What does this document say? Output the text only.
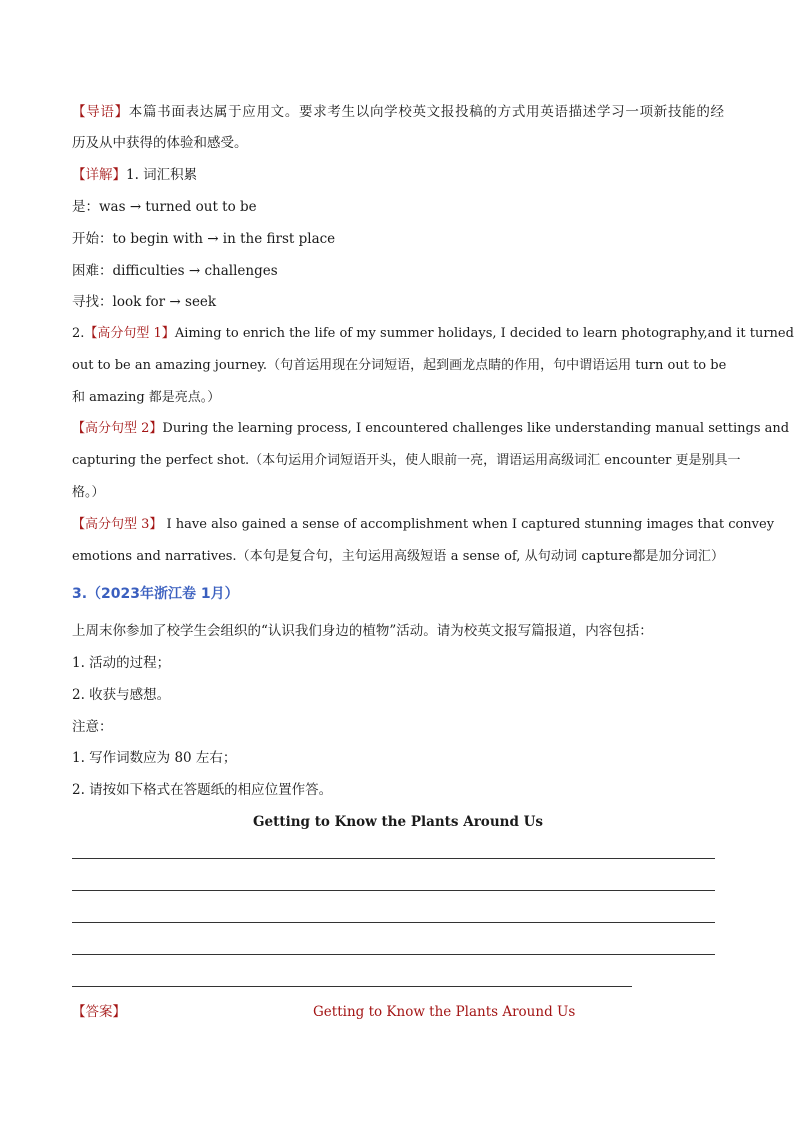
【导语】本篇书面表达属于应用文。要求考生以向学校英文报投稿的方式用英语描述学习一项新技能的经
历及从中获得的体验和感受。
【详解】1. 词汇积累
是：was → turned out to be
开始：to begin with → in the first place
困难：difficulties → challenges
寻找：look for → seek
2.【高分句型 1】Aiming to enrich the life of my summer holidays, I decided to learn photography,and it turned
out to be an amazing journey.（句首运用现在分词短语，起到画龙点睛的作用，句中谓语运用 turn out to be
和 amazing 都是亮点。）
【高分句型 2】During the learning process, I encountered challenges like understanding manual settings and
capturing the perfect shot.（本句运用介词短语开头，使人眼前一亮，谓语运用高级词汇 encounter 更是别具一
格。）
【高分句型 3】 I have also gained a sense of accomplishment when I captured stunning images that convey
emotions and narratives.（本句是复合句，主句运用高级短语 a sense of, 从句动词 capture都是加分词汇）
3.（2023年浙江卷 1月）
上周末你参加了校学生会组织的“认识我们身边的植物”活动。请为校英文报写篇报道，内容包括：
1. 活动的过程；
2. 收获与感想。
注意：
1. 写作词数应为 80 左右；
2. 请按如下格式在答题纸的相应位置作答。
Getting to Know the Plants Around Us
【答案】	Getting to Know the Plants Around Us
